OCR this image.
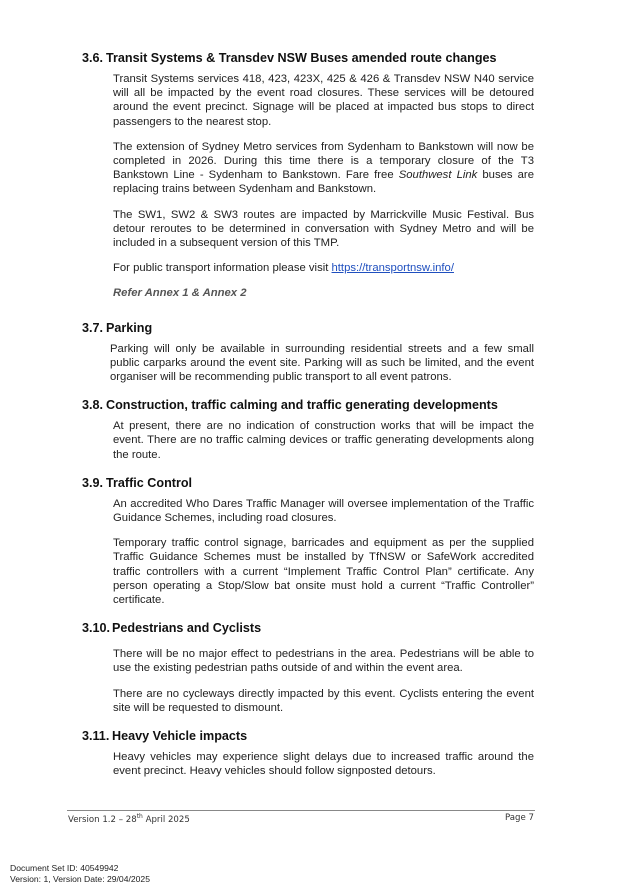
3.6. Transit Systems & Transdev NSW Buses amended route changes

Transit Systems services 418, 423, 423X, 425 & 426 & Transdev NSW N40 service will all be impacted by the event road closures. These services will be detoured around the event precinct. Signage will be placed at impacted bus stops to direct passengers to the nearest stop.

The extension of Sydney Metro services from Sydenham to Bankstown will now be completed in 2026. During this time there is a temporary closure of the T3 Bankstown Line - Sydenham to Bankstown. Fare free Southwest Link buses are replacing trains between Sydenham and Bankstown.

The SW1, SW2 & SW3 routes are impacted by Marrickville Music Festival. Bus detour reroutes to be determined in conversation with Sydney Metro and will be included in a subsequent version of this TMP.

For public transport information please visit https://transportnsw.info/

Refer Annex 1 & Annex 2

3.7. Parking

Parking will only be available in surrounding residential streets and a few small public carparks around the event site. Parking will as such be limited, and the event organiser will be recommending public transport to all event patrons.

3.8. Construction, traffic calming and traffic generating developments

At present, there are no indication of construction works that will be impact the event. There are no traffic calming devices or traffic generating developments along the route.

3.9. Traffic Control

An accredited Who Dares Traffic Manager will oversee implementation of the Traffic Guidance Schemes, including road closures.

Temporary traffic control signage, barricades and equipment as per the supplied Traffic Guidance Schemes must be installed by TfNSW or SafeWork accredited traffic controllers with a current “Implement Traffic Control Plan” certificate. Any person operating a Stop/Slow bat onsite must hold a current “Traffic Controller” certificate.

3.10. Pedestrians and Cyclists

There will be no major effect to pedestrians in the area. Pedestrians will be able to use the existing pedestrian paths outside of and within the event area.

There are no cycleways directly impacted by this event. Cyclists entering the event site will be requested to dismount.

3.11. Heavy Vehicle impacts

Heavy vehicles may experience slight delays due to increased traffic around the event precinct. Heavy vehicles should follow signposted detours.

Version 1.2 – 28th April 2025	Page 7
Document Set ID: 40549942
Version: 1, Version Date: 29/04/2025
